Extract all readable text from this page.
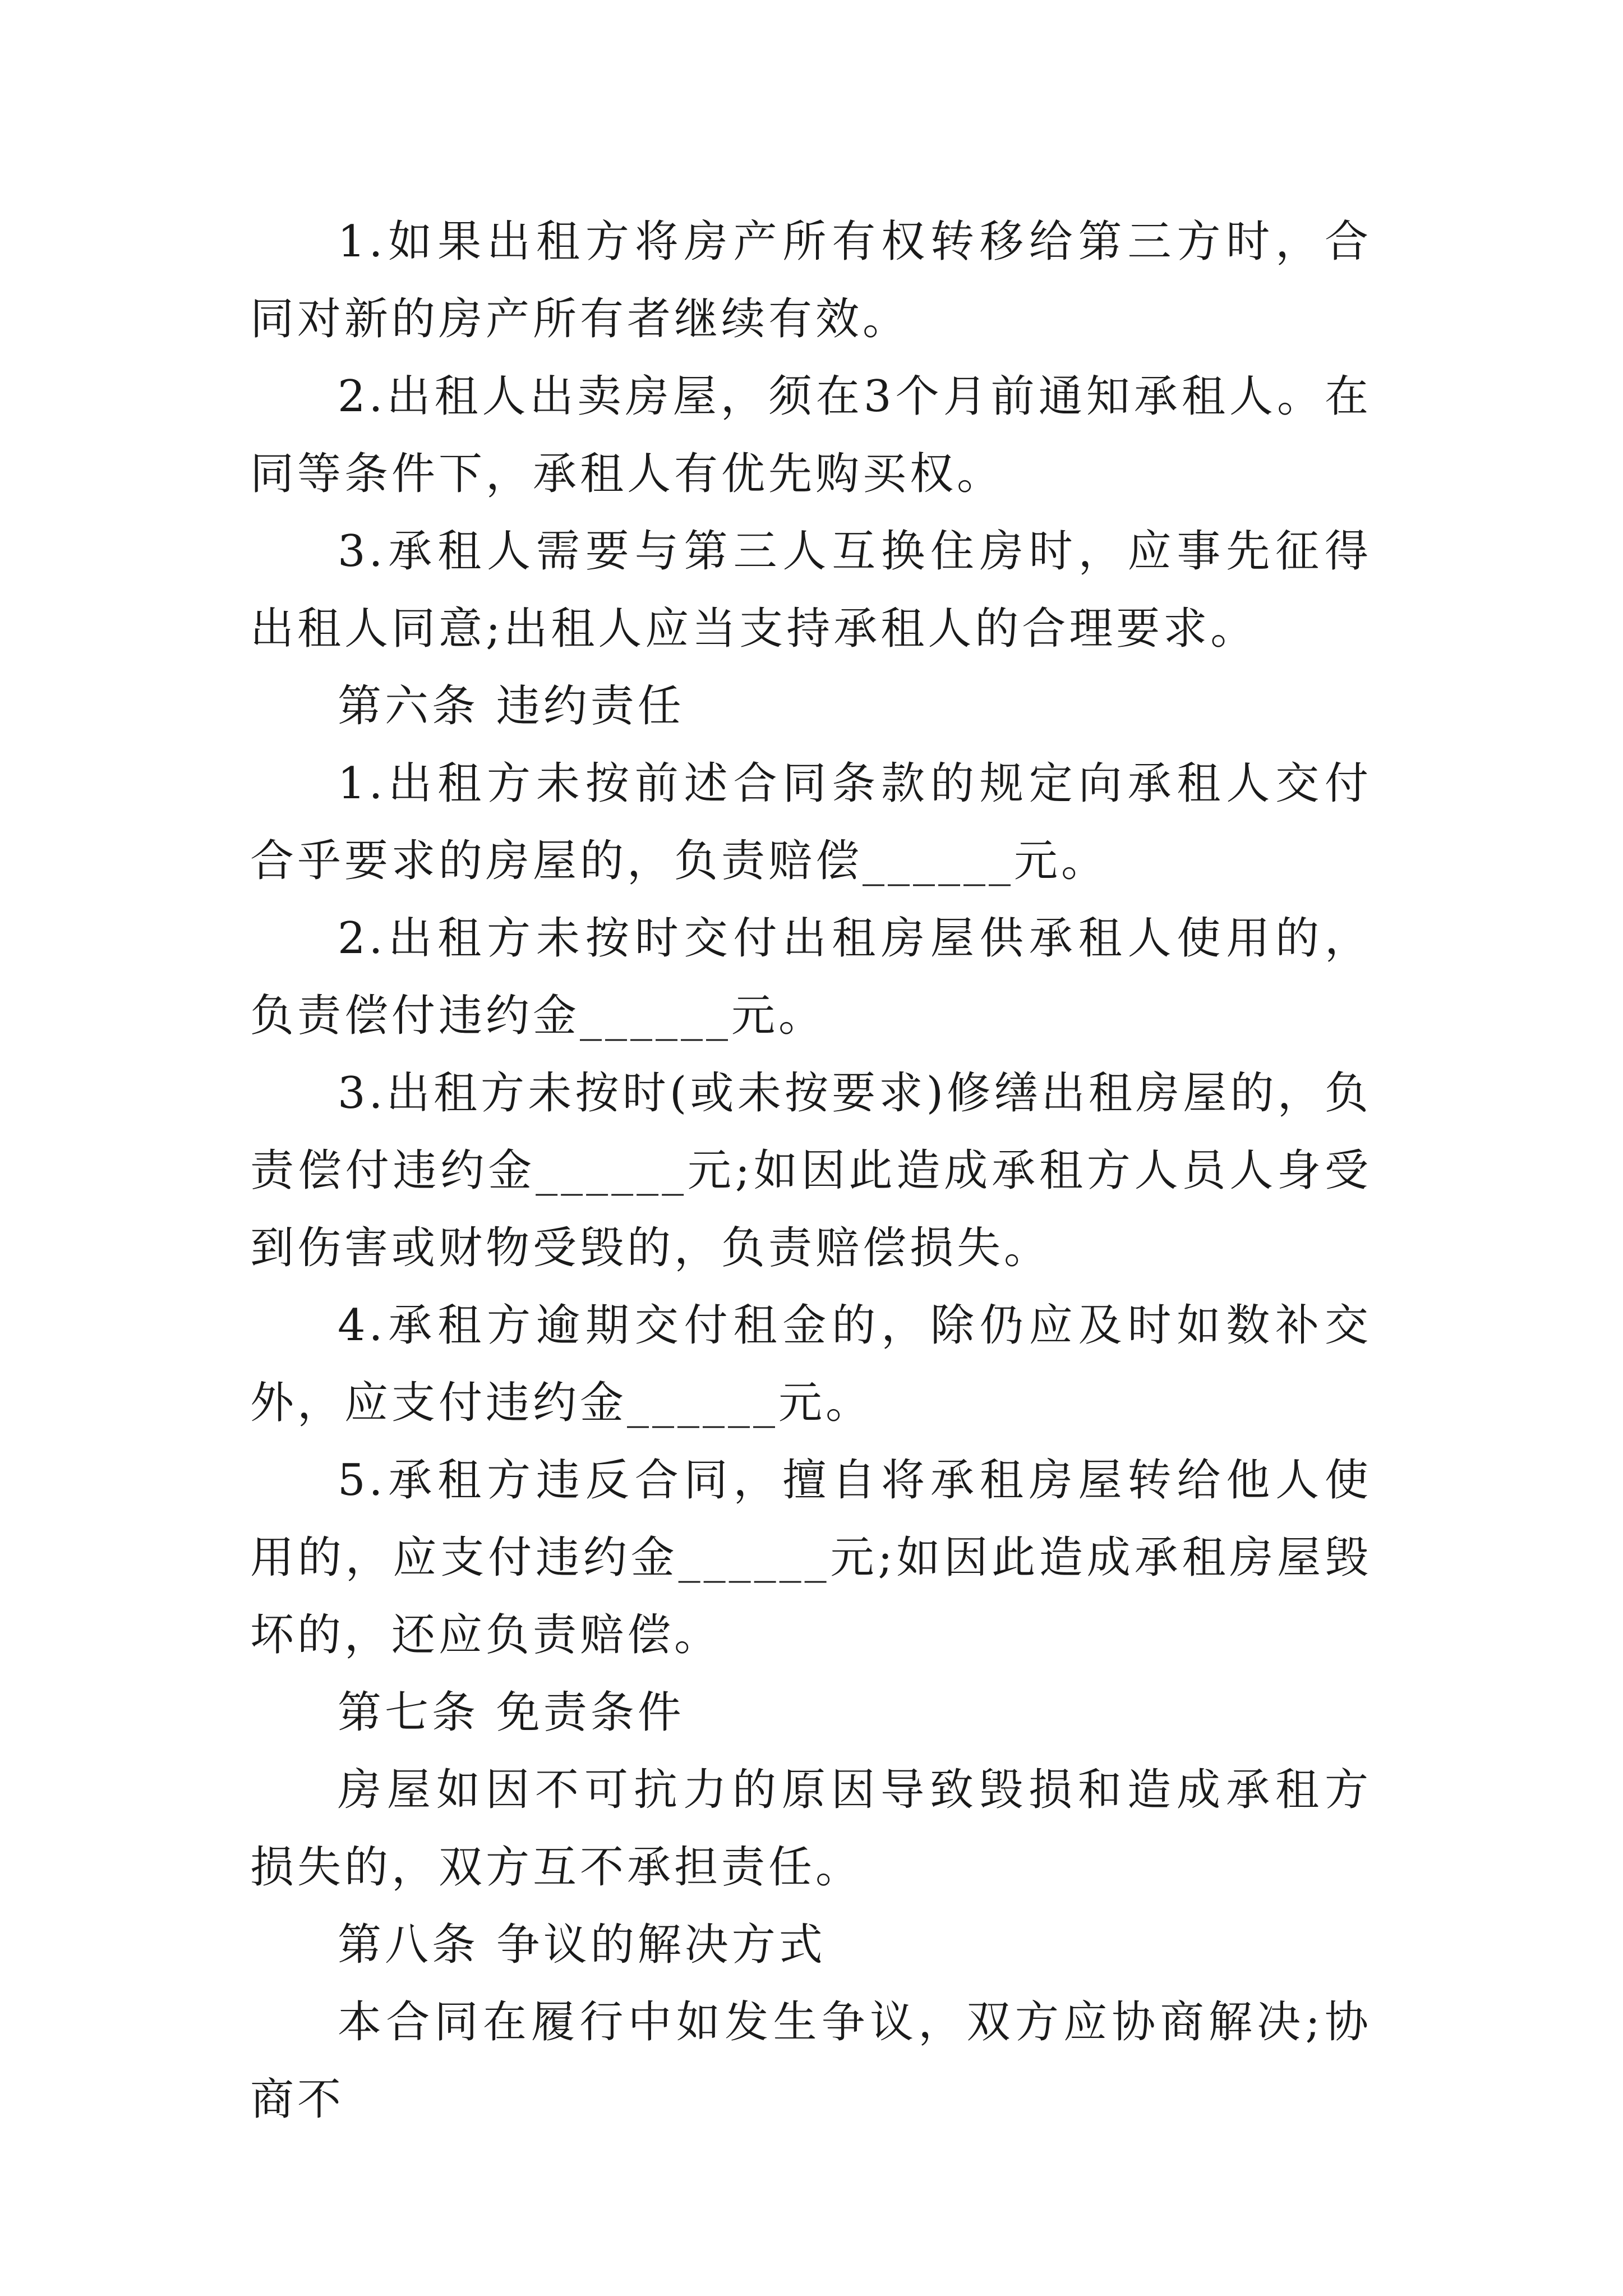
1.如果出租方将房产所有权转移给第三方时，合同对新的房产所有者继续有效。

2.出租人出卖房屋，须在3个月前通知承租人。在同等条件下，承租人有优先购买权。

3.承租人需要与第三人互换住房时，应事先征得出租人同意;出租人应当支持承租人的合理要求。

第六条 违约责任

1.出租方未按前述合同条款的规定向承租人交付合乎要求的房屋的，负责赔偿______元。

2.出租方未按时交付出租房屋供承租人使用的，负责偿付违约金______元。

3.出租方未按时(或未按要求)修缮出租房屋的，负责偿付违约金______元;如因此造成承租方人员人身受到伤害或财物受毁的，负责赔偿损失。

4.承租方逾期交付租金的，除仍应及时如数补交外，应支付违约金______元。

5.承租方违反合同，擅自将承租房屋转给他人使用的，应支付违约金______元;如因此造成承租房屋毁坏的，还应负责赔偿。

第七条 免责条件

房屋如因不可抗力的原因导致毁损和造成承租方损失的，双方互不承担责任。

第八条 争议的解决方式

本合同在履行中如发生争议，双方应协商解决;协商不
